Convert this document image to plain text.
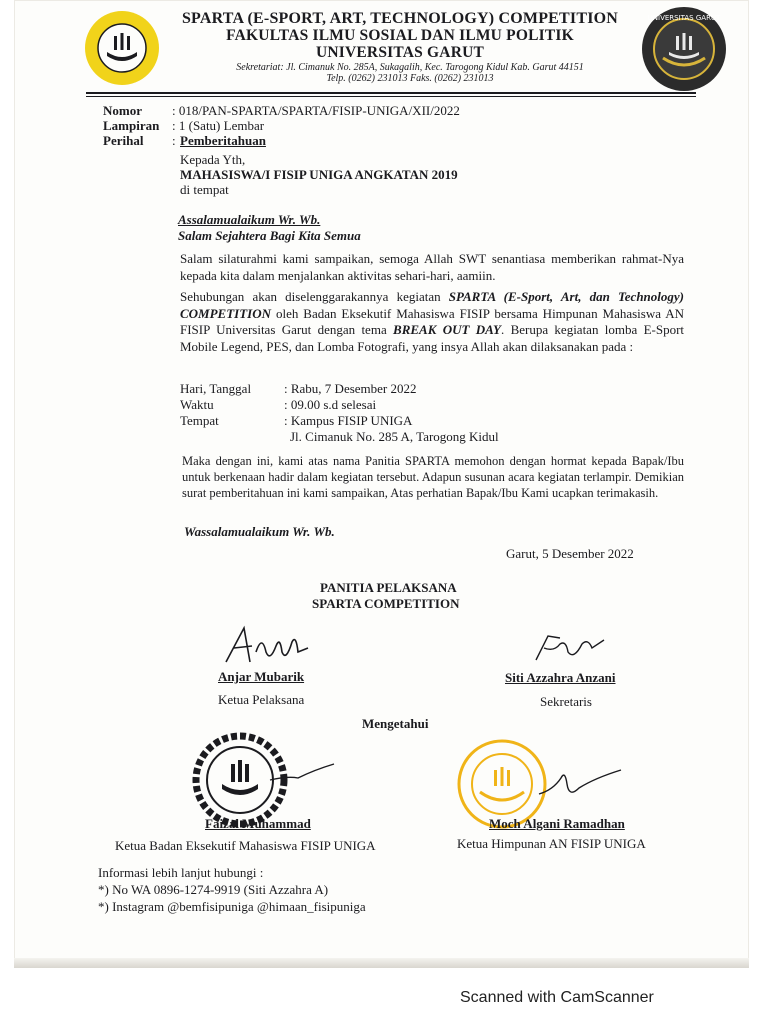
UNIVERSITAS GARUT
SPARTA (E-SPORT, ART, TECHNOLOGY) COMPETITION
FAKULTAS ILMU SOSIAL DAN ILMU POLITIK
UNIVERSITAS GARUT
Sekretariat: Jl. Cimanuk No. 285A, Sukagalih, Kec. Tarogong Kidul Kab. Garut 44151
Telp. (0262) 231013 Faks. (0262) 231013
Nomor : 018/PAN-SPARTA/SPARTA/FISIP-UNIGA/XII/2022
Lampiran : 1 (Satu) Lembar
Perihal : Pemberitahuan
Kepada Yth,
MAHASISWA/I FISIP UNIGA ANGKATAN 2019
di tempat
Assalamualaikum Wr. Wb.
Salam Sejahtera Bagi Kita Semua

Salam silaturahmi kami sampaikan, semoga Allah SWT senantiasa memberikan rahmat-Nya kepada kita dalam menjalankan aktivitas sehari-hari, aamiin.

Sehubungan akan diselenggarakannya kegiatan SPARTA (E-Sport, Art, dan Technology) COMPETITION oleh Badan Eksekutif Mahasiswa FISIP bersama Himpunan Mahasiswa AN FISIP Universitas Garut dengan tema BREAK OUT DAY. Berupa kegiatan lomba E-Sport Mobile Legend, PES, dan Lomba Fotografi, yang insya Allah akan dilaksanakan pada :

Hari, Tanggal	: Rabu, 7 Desember 2022
Waktu	: 09.00 s.d selesai
Tempat	: Kampus FISIP UNIGA
Jl. Cimanuk No. 285 A, Tarogong Kidul

Maka dengan ini, kami atas nama Panitia SPARTA memohon dengan hormat kepada Bapak/Ibu untuk berkenaan hadir dalam kegiatan tersebut. Adapun susunan acara kegiatan terlampir. Demikian surat pemberitahuan ini kami sampaikan, Atas perhatian Bapak/Ibu Kami ucapkan terimakasih.

Wassalamualaikum Wr. Wb.
Garut, 5 Desember 2022
PANITIA PELAKSANA
SPARTA COMPETITION
Anjar Mubarik
Ketua Pelaksana
Siti Azzahra Anzani
Sekretaris
Mengetahui
Faizal Muhammad
Ketua Badan Eksekutif Mahasiswa FISIP UNIGA
Moch Algani Ramadhan
Ketua Himpunan AN FISIP UNIGA
Informasi lebih lanjut hubungi :
*) No WA 0896-1274-9919 (Siti Azzahra A)
*) Instagram @bemfisipuniga @himaan_fisipuniga
Scanned with CamScanner
